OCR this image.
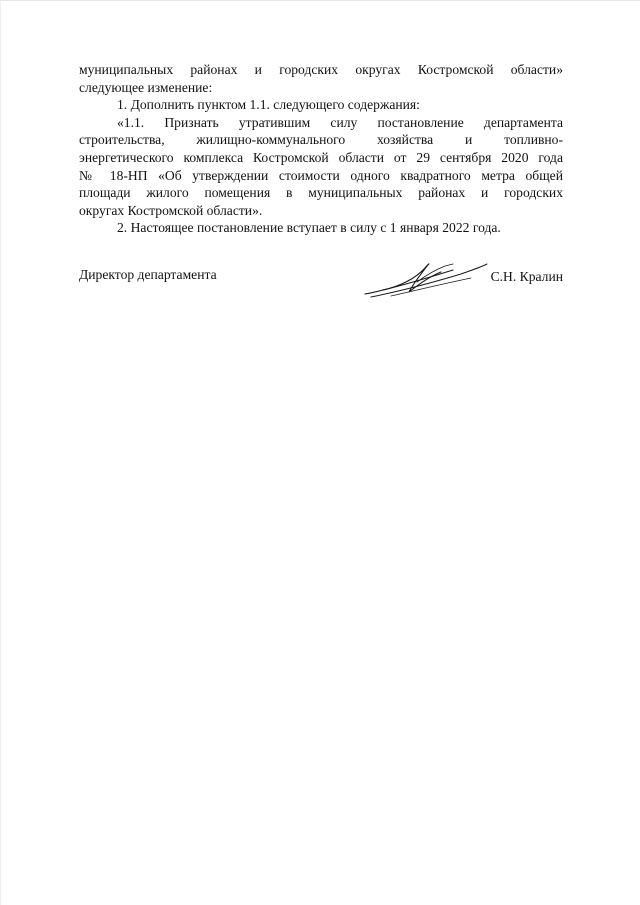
муниципальных районах и городских округах Костромской области»
следующее изменение:

1. Дополнить пунктом 1.1. следующего содержания:

«1.1. Признать утратившим силу постановление департамента
строительства, жилищно-коммунального хозяйства и топливно-
энергетического комплекса Костромской области от 29 сентября 2020 года
№ 18-НП «Об утверждении стоимости одного квадратного метра общей
площади жилого помещения в муниципальных районах и городских
округах Костромской области».

2. Настоящее постановление вступает в силу с 1 января 2022 года.

Директор департамента	С.Н. Кралин
